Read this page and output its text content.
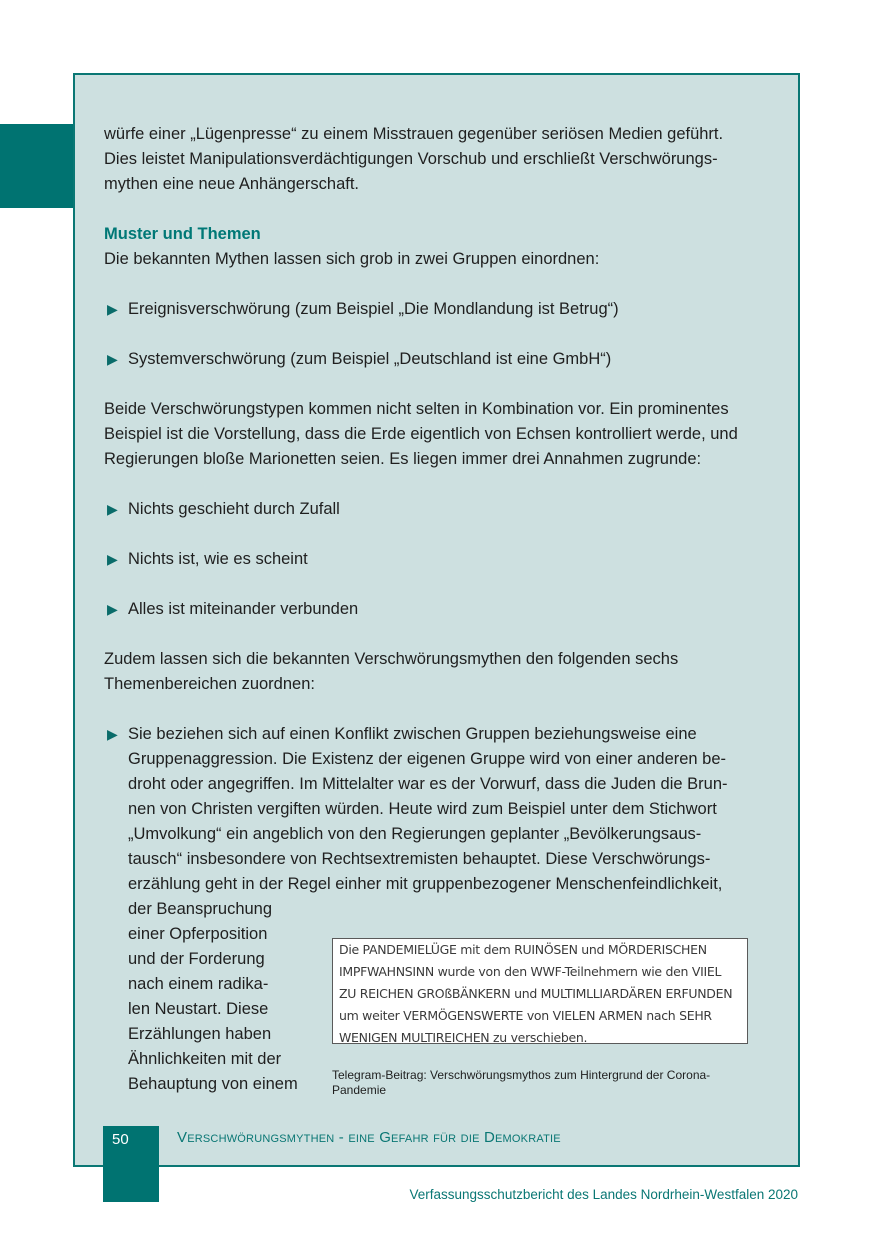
würfe einer „Lügenpresse“ zu einem Misstrauen gegenüber seriösen Medien geführt.

Dies leistet Manipulationsverdächtigungen Vorschub und erschließt Verschwörungs-

mythen eine neue Anhängerschaft.

Muster und Themen

Die bekannten Mythen lassen sich grob in zwei Gruppen einordnen:

▶ Ereignisverschwörung (zum Beispiel „Die Mondlandung ist Betrug“)

▶ Systemverschwörung (zum Beispiel „Deutschland ist eine GmbH“)

Beide Verschwörungstypen kommen nicht selten in Kombination vor. Ein prominentes

Beispiel ist die Vorstellung, dass die Erde eigentlich von Echsen kontrolliert werde, und

Regierungen bloße Marionetten seien. Es liegen immer drei Annahmen zugrunde:

▶ Nichts geschieht durch Zufall

▶ Nichts ist, wie es scheint

▶ Alles ist miteinander verbunden

Zudem lassen sich die bekannten Verschwörungsmythen den folgenden sechs

Themenbereichen zuordnen:

▶ Sie beziehen sich auf einen Konflikt zwischen Gruppen beziehungsweise eine
Gruppenaggression. Die Existenz der eigenen Gruppe wird von einer anderen be-
droht oder angegriffen. Im Mittelalter war es der Vorwurf, dass die Juden die Brun-
nen von Christen vergiften würden. Heute wird zum Beispiel unter dem Stichwort
„Umvolkung“ ein angeblich von den Regierungen geplanter „Bevölkerungsaus-
tausch“ insbesondere von Rechtsextremisten behauptet. Diese Verschwörungs-
erzählung geht in der Regel einher mit gruppenbezogener Menschenfeindlichkeit,
der Beanspruchung
einer Opferposition
und der Forderung
nach einem radika-
len Neustart. Diese
Erzählungen haben
Ähnlichkeiten mit der
Behauptung von einem
Die PANDEMIELÜGE mit dem RUINÖSEN und MÖRDERISCHEN
IMPFWAHNSINN wurde von den WWF-Teilnehmern wie den VIIEL
ZU REICHEN GROßBÄNKERN und MULTIMLLIARDÄREN ERFUNDEN
um weiter VERMÖGENSWERTE von VIELEN ARMEN nach SEHR
WENIGEN MULTIREICHEN zu verschieben.
Telegram-Beitrag: Verschwörungsmythos zum Hintergrund der Corona-Pandemie
50	Verschwörungsmythen - eine Gefahr für die Demokratie
Verfassungsschutzbericht des Landes Nordrhein-Westfalen 2020
